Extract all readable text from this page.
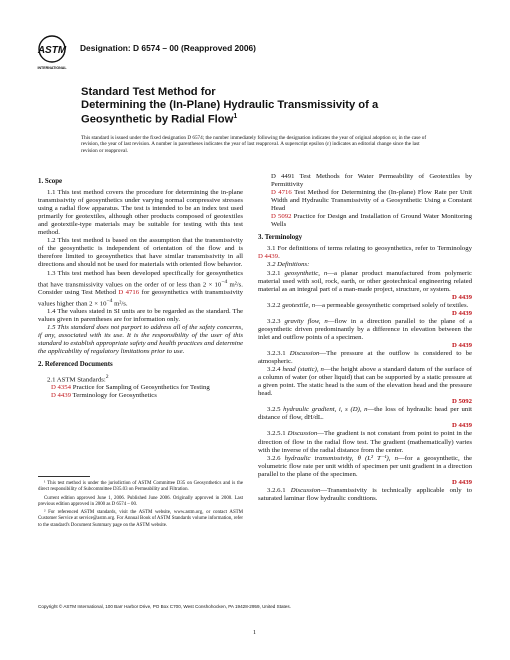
ASTM
INTERNATIONAL
Designation: D 6574 – 00 (Reapproved 2006)
Standard Test Method for
Determining the (In-Plane) Hydraulic Transmissivity of a
Geosynthetic by Radial Flow$^1$
This standard is issued under the fixed designation D 6574; the number immediately following the designation indicates the year of original adoption or, in the case of revision, the year of last revision. A number in parentheses indicates the year of last reapproval. A superscript epsilon (ε) indicates an editorial change since the last revision or reapproval.
1. Scope

1.1 This test method covers the procedure for determining the in-plane transmissivity of geosynthetics under varying normal compressive stresses using a radial flow apparatus. The test is intended to be an index test used primarily for geotextiles, although other products composed of geotextiles and geotextile-type materials may be suitable for testing with this test method.

1.2 This test method is based on the assumption that the transmissivity of the geosynthetic is independent of orientation of the flow and is therefore limited to geosynthetics that have similar transmissivity in all directions and should not be used for materials with oriented flow behavior.

1.3 This test method has been developed specifically for geosynthetics that have transmissivity values on the order of or less than $2 \times 10^{-4}$ m²/s. Consider using Test Method D 4716 for geosynthetics with transmissivity values higher than $2 \times 10^{-4}$ m²/s.

1.4 The values stated in SI units are to be regarded as the standard. The values given in parentheses are for information only.

1.5 This standard does not purport to address all of the safety concerns, if any, associated with its use. It is the responsibility of the user of this standard to establish appropriate safety and health practices and determine the applicability of regulatory limitations prior to use.

2. Referenced Documents

2.1 ASTM Standards:$^2$

D 4354 Practice for Sampling of Geosynthetics for Testing

D 4439 Terminology for Geosynthetics

¹ This test method is under the jurisdiction of ASTM Committee D35 on Geosynthetics and is the direct responsibility of Subcommittee D35.03 on Permeability and Filtration.

Current edition approved June 1, 2006. Published June 2006. Originally approved in 2000. Last previous edition approved in 2000 as D 6574 – 00.

² For referenced ASTM standards, visit the ASTM website, www.astm.org, or contact ASTM Customer Service at service@astm.org. For Annual Book of ASTM Standards volume information, refer to the standard's Document Summary page on the ASTM website.

D 4491 Test Methods for Water Permeability of Geotextiles by Permittivity

D 4716 Test Method for Determining the (In-plane) Flow Rate per Unit Width and Hydraulic Transmissivity of a Geosynthetic Using a Constant Head

D 5092 Practice for Design and Installation of Ground Water Monitoring Wells

3. Terminology

3.1 For definitions of terms relating to geosynthetics, refer to Terminology D 4439.

3.2 Definitions:

3.2.1 geosynthetic, n—a planar product manufactured from polymeric material used with soil, rock, earth, or other geotechnical engineering related material as an integral part of a man-made project, structure, or system.
D 4439

3.2.2 geotextile, n—a permeable geosynthetic comprised solely of textiles.
D 4439

3.2.3 gravity flow, n—flow in a direction parallel to the plane of a geosynthetic driven predominantly by a difference in elevation between the inlet and outflow points of a specimen.
D 4439

3.2.3.1 Discussion—The pressure at the outflow is considered to be atmospheric.

3.2.4 head (static), n—the height above a standard datum of the surface of a column of water (or other liquid) that can be supported by a static pressure at a given point. The static head is the sum of the elevation head and the pressure head.
D 5092

3.2.5 hydraulic gradient, i, s (D), n—the loss of hydraulic head per unit distance of flow, dH/dL.
D 4439

3.2.5.1 Discussion—The gradient is not constant from point to point in the direction of flow in the radial flow test. The gradient (mathematically) varies with the inverse of the radial distance from the center.

3.2.6 hydraulic transmissivity, θ (L² T⁻¹), n—for a geosynthetic, the volumetric flow rate per unit width of specimen per unit gradient in a direction parallel to the plane of the specimen.
D 4439

3.2.6.1 Discussion—Transmissivity is technically applicable only to saturated laminar flow hydraulic conditions.

Copyright © ASTM International, 100 Barr Harbor Drive, PO Box C700, West Conshohocken, PA 19428-2959, United States.
1
